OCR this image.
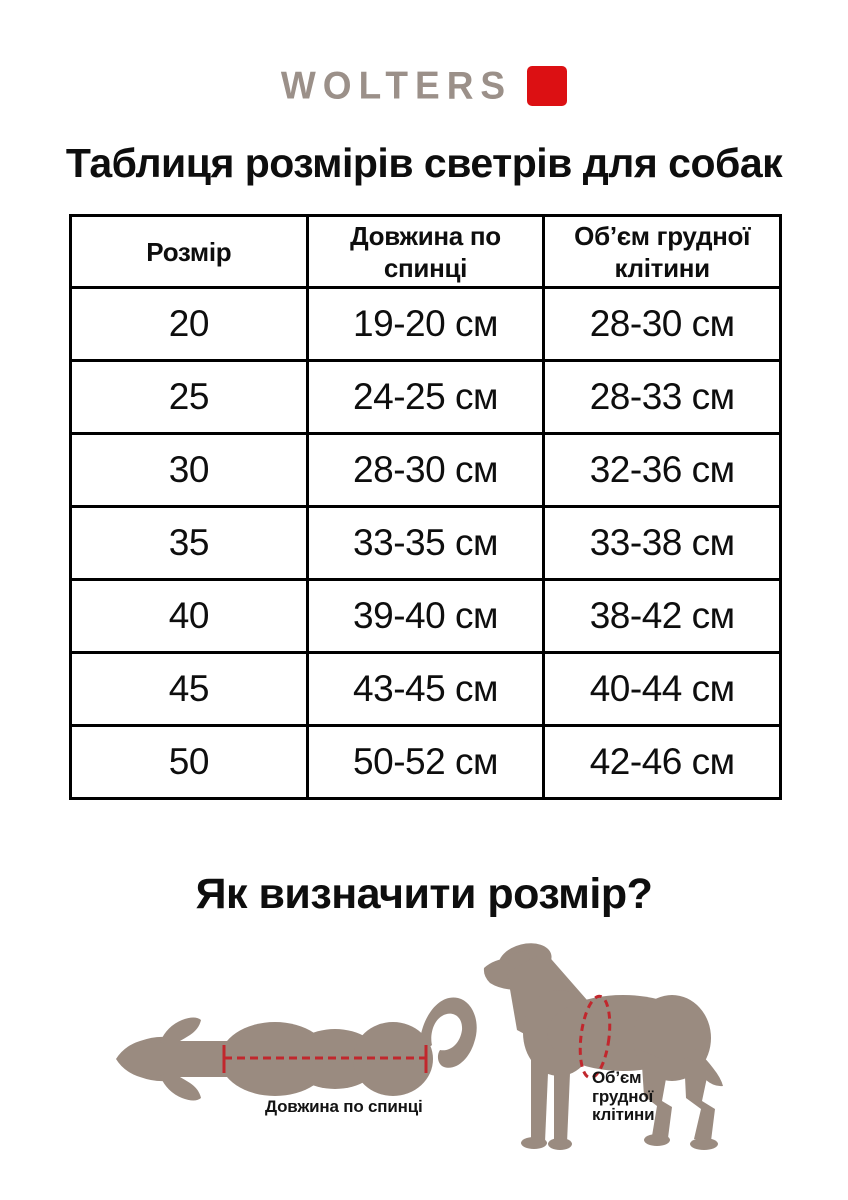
WOLTERS
Таблиця розмірів светрів для собак
Розмір	Довжина по спинці	Об’єм грудної клітини
20	19-20 см	28-30 см
25	24-25 см	28-33 см
30	28-30 см	32-36 см
35	33-35 см	33-38 см
40	39-40 см	38-42 см
45	43-45 см	40-44 см
50	50-52 см	42-46 см
Як визначити розмір?
Довжина по спинці
Об’єм
грудної
клітини
